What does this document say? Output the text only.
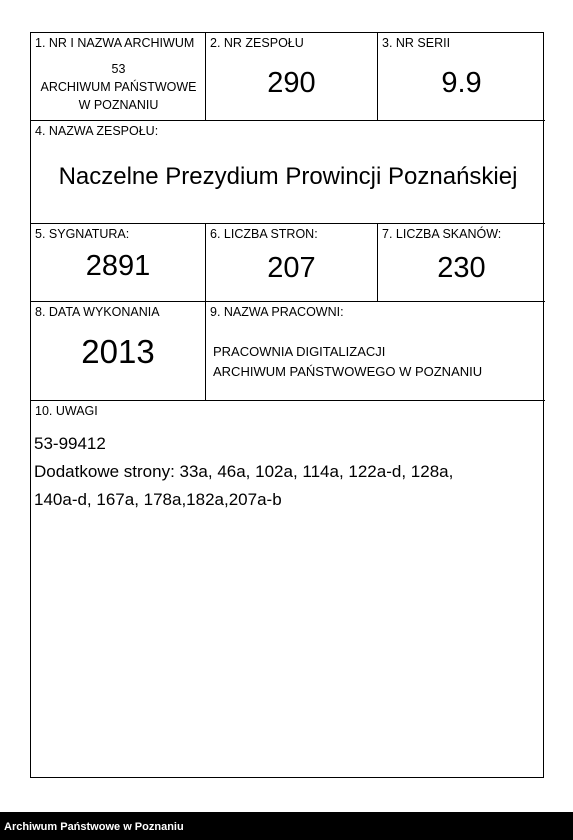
1. NR I NAZWA ARCHIWUM
53
ARCHIWUM PAŃSTWOWE
W POZNANIU
2. NR ZESPOŁU
290
3. NR SERII
9.9
4. NAZWA ZESPOŁU:
Naczelne Prezydium Prowincji Poznańskiej
5. SYGNATURA:
2891
6. LICZBA STRON:
207
7. LICZBA SKANÓW:
230
8. DATA WYKONANIA
2013
9. NAZWA PRACOWNI:
PRACOWNIA DIGITALIZACJI
ARCHIWUM PAŃSTWOWEGO W POZNANIU
10. UWAGI
53-99412
Dodatkowe strony: 33a, 46a, 102a, 114a, 122a-d, 128a,
140a-d, 167a, 178a,182a,207a-b
Archiwum Państwowe w Poznaniu
